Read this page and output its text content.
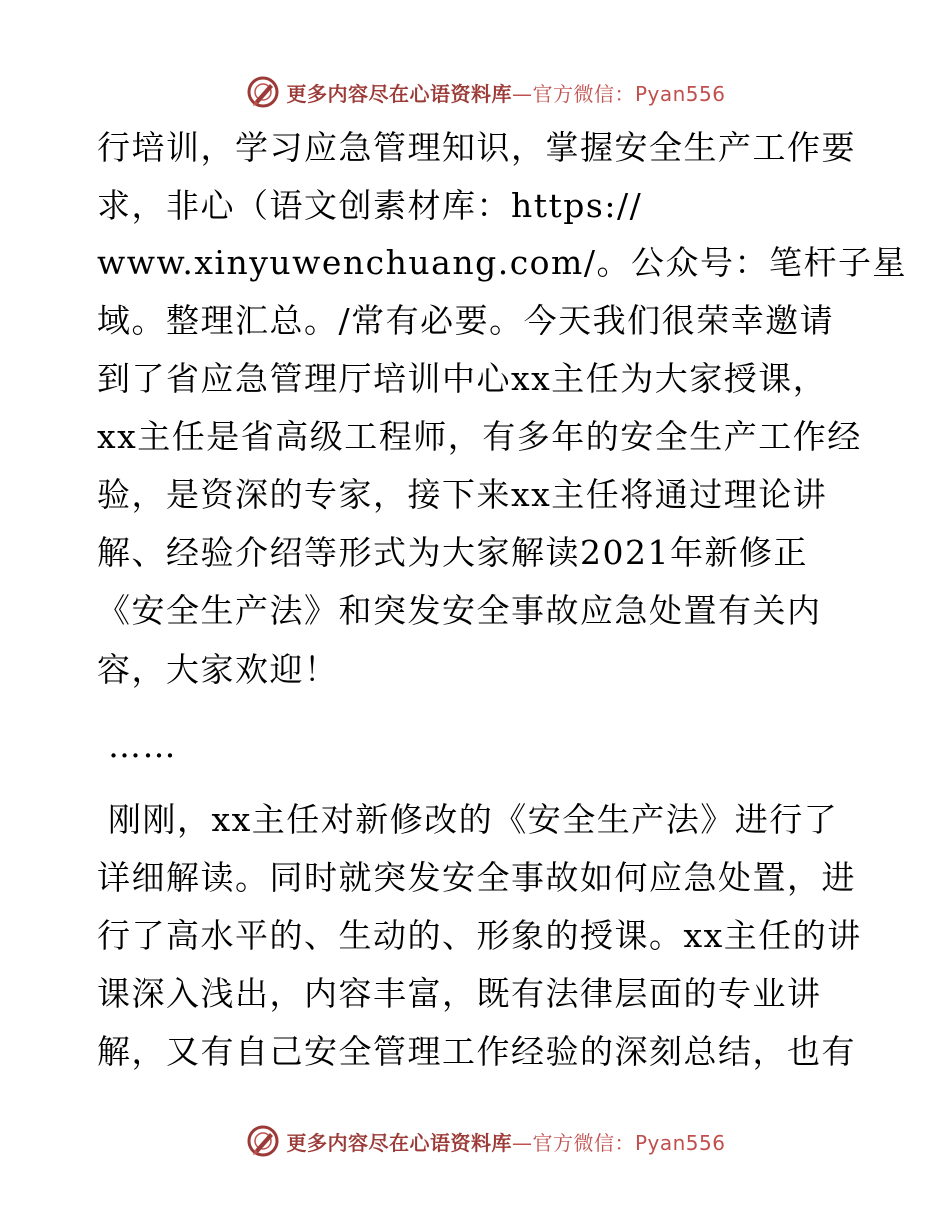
更多内容尽在心语资料库—官方微信：Pyan556
行培训，学习应急管理知识，掌握安全生产工作要
求，非心（语文创素材库：https://
www.xinyuwenchuang.com/。公众号：笔杆子星
域。整理汇总。/常有必要。今天我们很荣幸邀请
到了省应急管理厅培训中心xx主任为大家授课，
xx主任是省高级工程师，有多年的安全生产工作经
验，是资深的专家，接下来xx主任将通过理论讲
解、经验介绍等形式为大家解读2021年新修正
《安全生产法》和突发安全事故应急处置有关内
容，大家欢迎！
……
刚刚，xx主任对新修改的《安全生产法》进行了
详细解读。同时就突发安全事故如何应急处置，进
行了高水平的、生动的、形象的授课。xx主任的讲
课深入浅出，内容丰富，既有法律层面的专业讲
解，又有自己安全管理工作经验的深刻总结，也有
更多内容尽在心语资料库—官方微信：Pyan556
